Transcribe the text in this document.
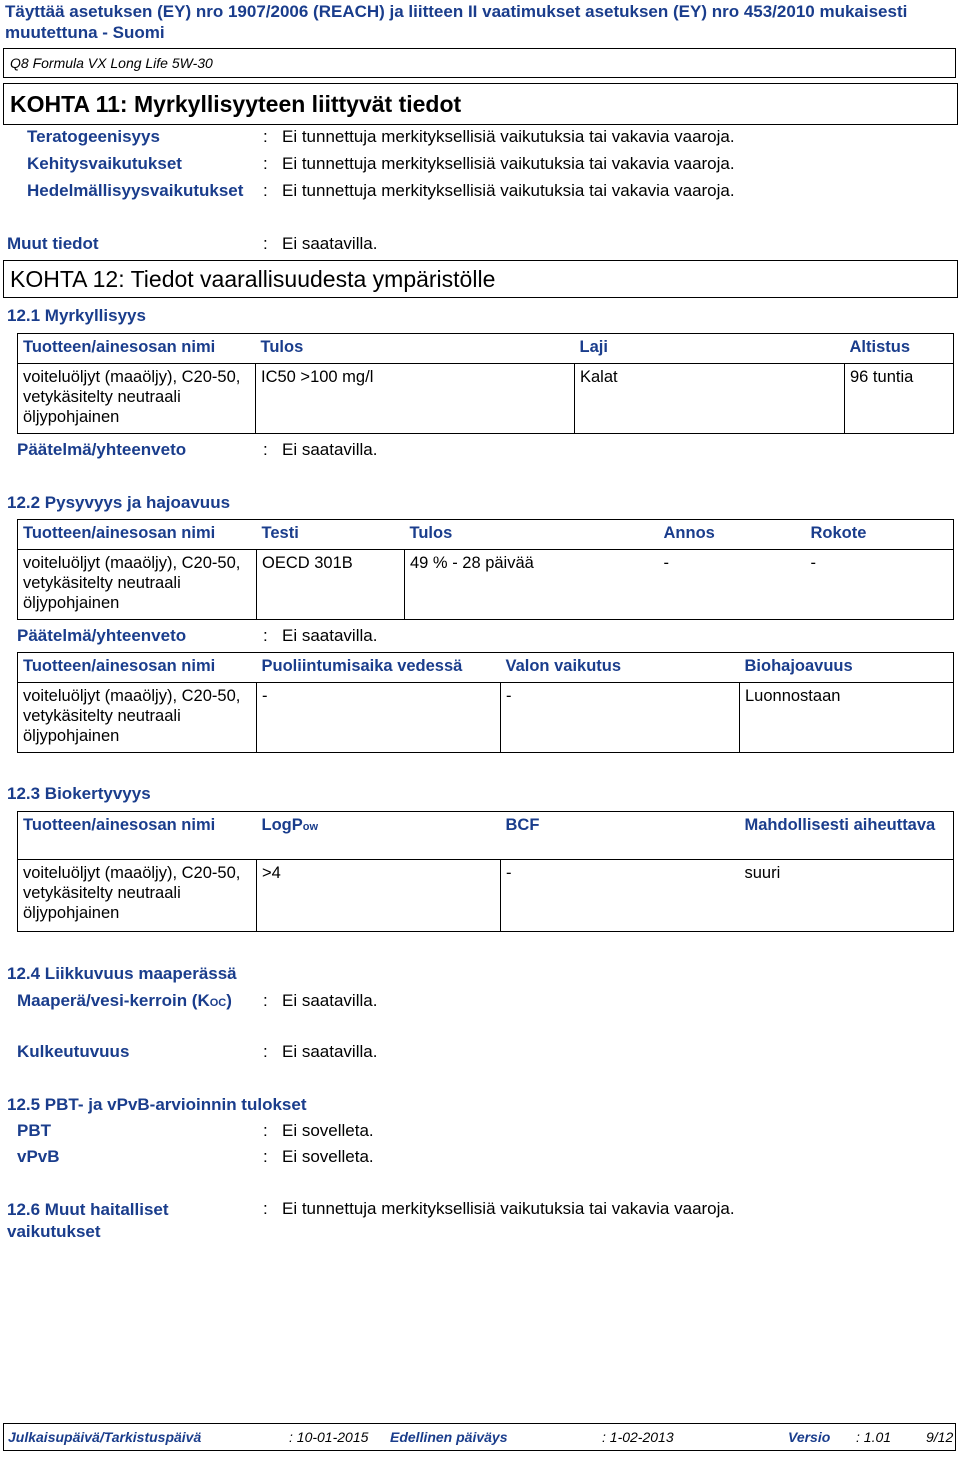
Täyttää asetuksen (EY) nro 1907/2006 (REACH) ja liitteen II vaatimukset asetuksen (EY) nro 453/2010 mukaisesti
muutettuna - Suomi
Q8 Formula VX Long Life 5W-30
KOHTA 11: Myrkyllisyyteen liittyvät tiedot
Teratogeenisyys	: Ei tunnettuja merkityksellisiä vaikutuksia tai vakavia vaaroja.
Kehitysvaikutukset	: Ei tunnettuja merkityksellisiä vaikutuksia tai vakavia vaaroja.
Hedelmällisyysvaikutukset : Ei tunnettuja merkityksellisiä vaikutuksia tai vakavia vaaroja.
Muut tiedot	: Ei saatavilla.
KOHTA 12: Tiedot vaarallisuudesta ympäristölle
12.1 Myrkyllisyys
Tuotteen/ainesosan nimi	Tulos	Laji	Altistus
voiteluöljyt (maaöljy), C20-50, vetykäsitelty neutraali öljypohjainen	IC50 >100 mg/l	Kalat	96 tuntia
Päätelmä/yhteenveto	: Ei saatavilla.
12.2 Pysyvyys ja hajoavuus
Tuotteen/ainesosan nimi	Testi	Tulos	Annos	Rokote
voiteluöljyt (maaöljy), C20-50, vetykäsitelty neutraali öljypohjainen	OECD 301B	49 % - 28 päivää	-	-
Päätelmä/yhteenveto	: Ei saatavilla.
Tuotteen/ainesosan nimi	Puoliintumisaika vedessä	Valon vaikutus	Biohajoavuus
voiteluöljyt (maaöljy), C20-50, vetykäsitelty neutraali öljypohjainen	-	-	Luonnostaan
12.3 Biokertyvyys
Tuotteen/ainesosan nimi	LogPow	BCF	Mahdollisesti aiheuttava
voiteluöljyt (maaöljy), C20-50, vetykäsitelty neutraali öljypohjainen	>4	-	suuri
12.4 Liikkuvuus maaperässä
Maaperä/vesi-kerroin (KOC) : Ei saatavilla.
Kulkeutuvuus	: Ei saatavilla.
12.5 PBT- ja vPvB-arvioinnin tulokset
PBT	: Ei sovelleta.
vPvB	: Ei sovelleta.
12.6 Muut haitalliset
vaikutukset
: Ei tunnettuja merkityksellisiä vaikutuksia tai vakavia vaaroja.
Julkaisupäivä/Tarkistuspäivä	: 10-01-2015 Edellinen päiväys	: 1-02-2013	Versio : 1.01 9/12
